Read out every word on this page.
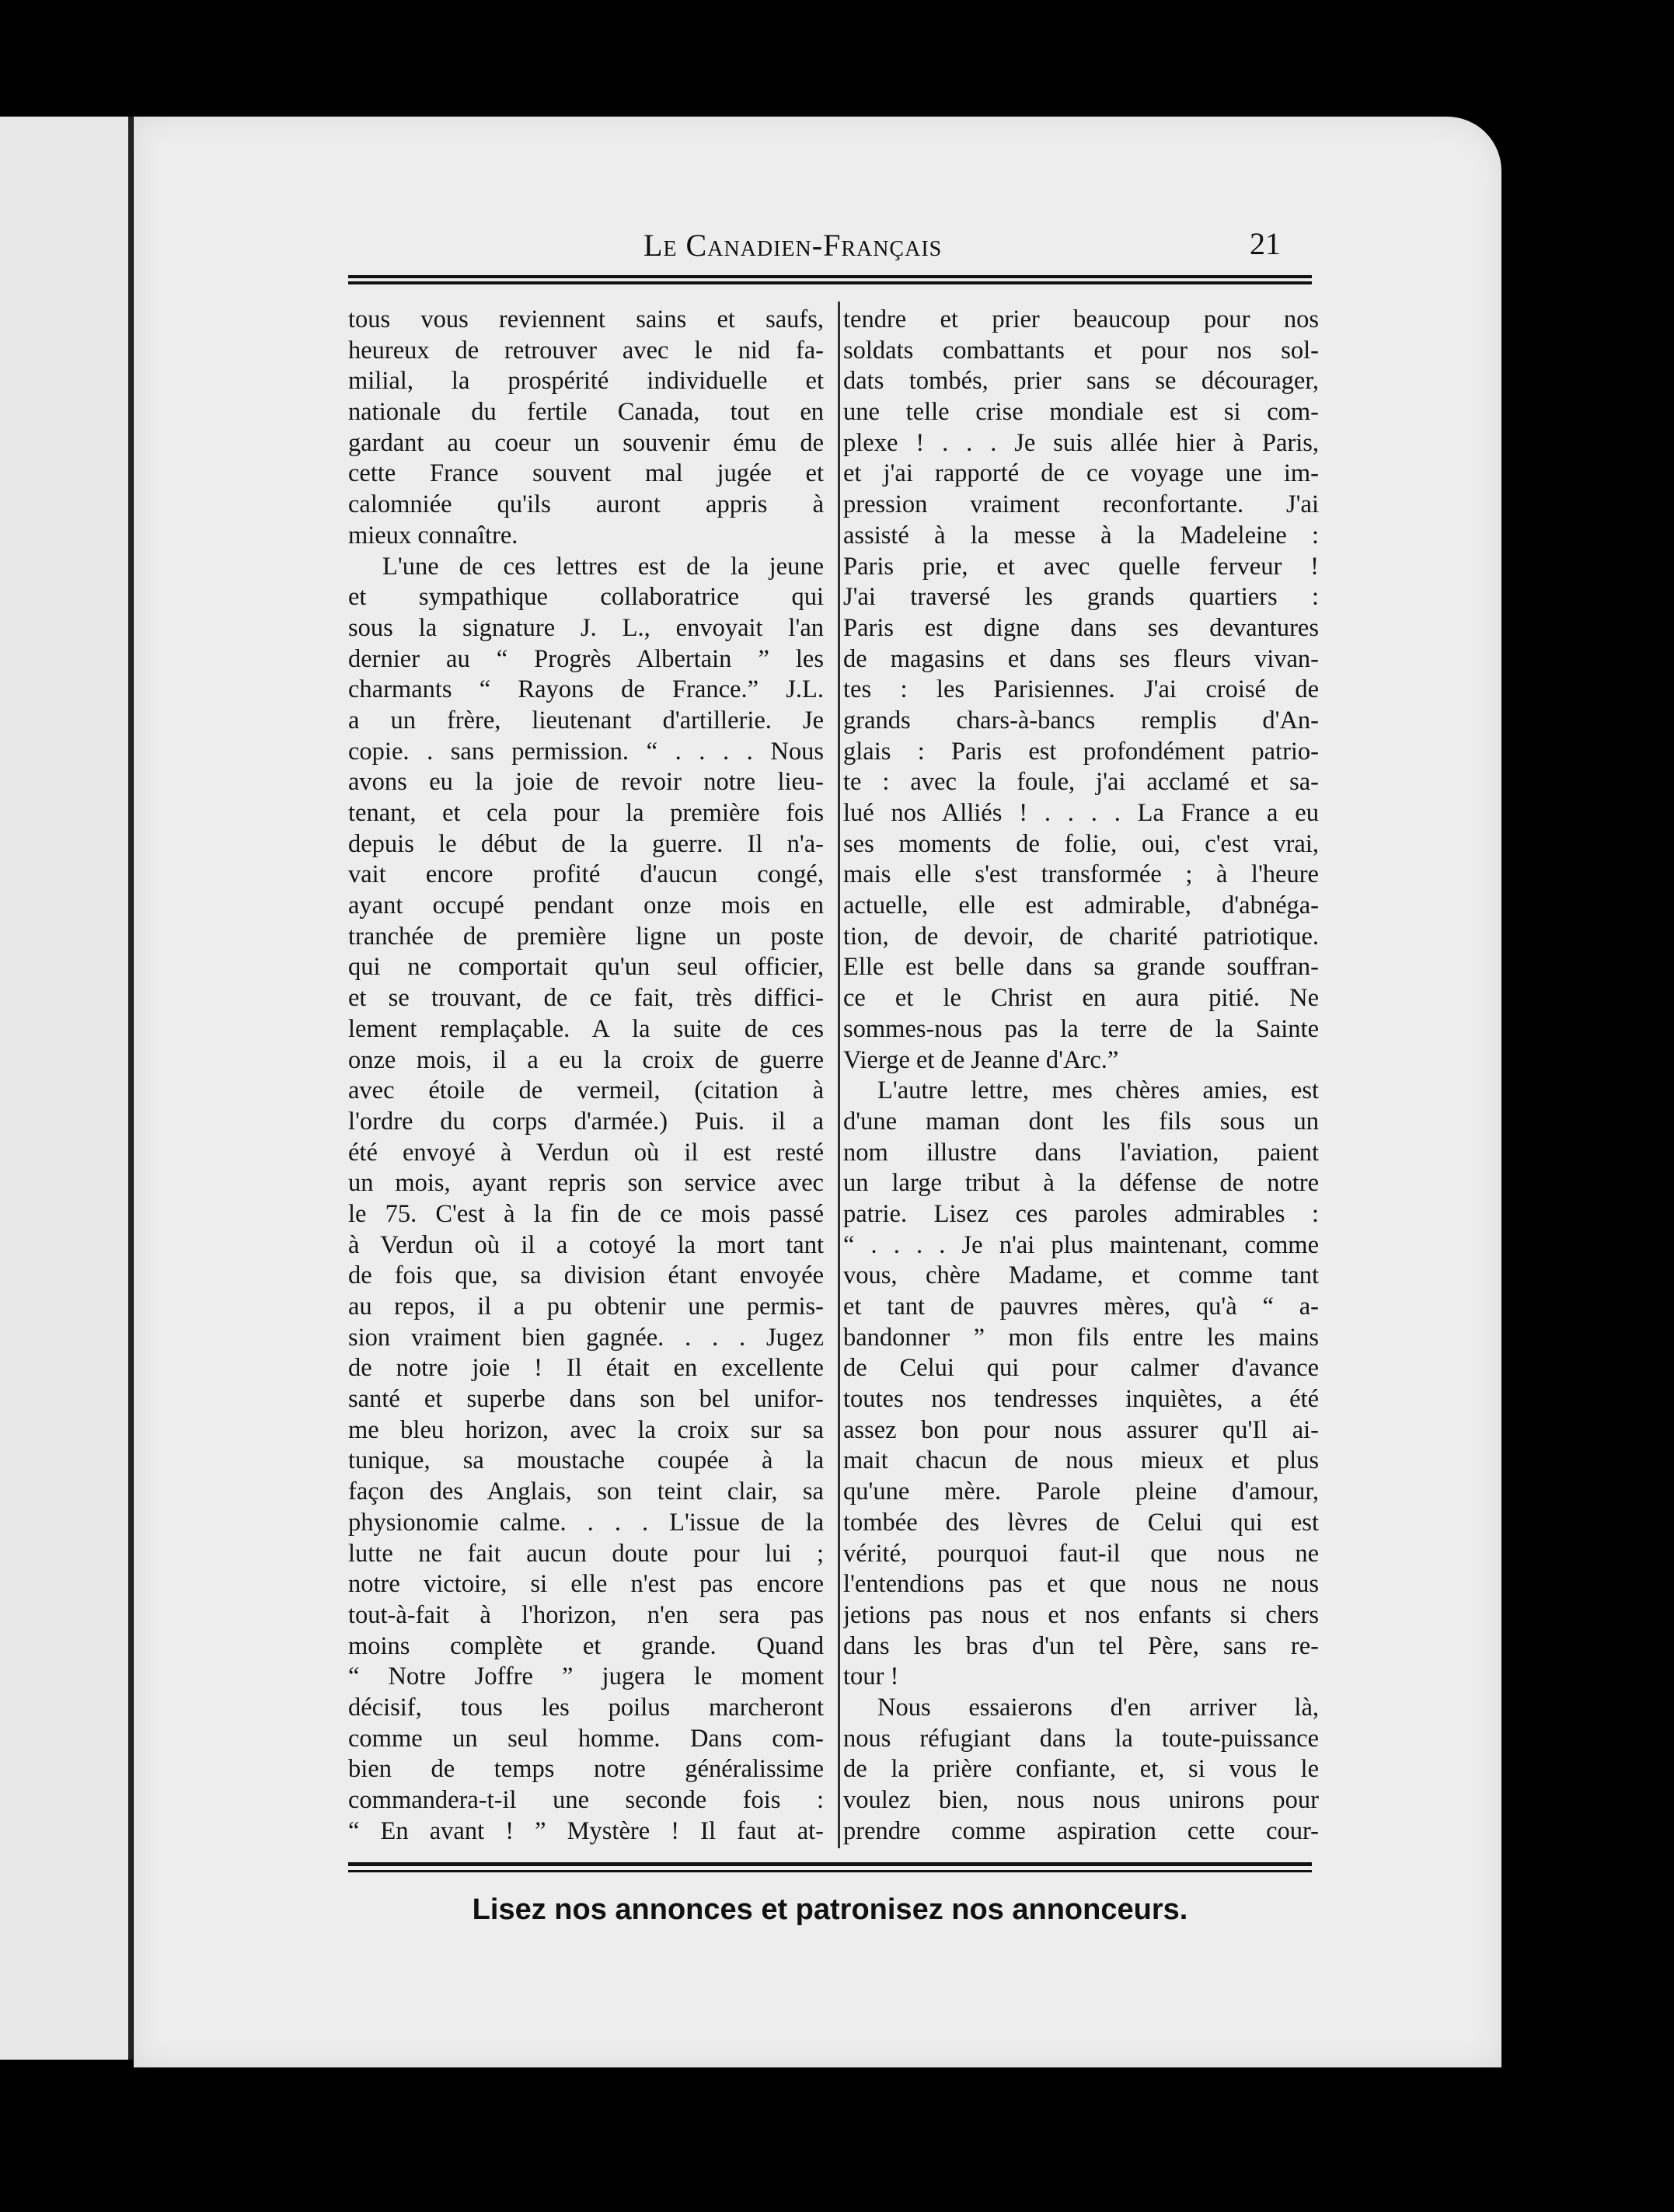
Le Canadien-Français	21
tous vous reviennent sains et saufs,
heureux de retrouver avec le nid fa-
milial, la prospérité individuelle et
nationale du fertile Canada, tout en
gardant au coeur un souvenir ému de
cette France souvent mal jugée et
calomniée qu'ils auront appris à
mieux connaître.
L'une de ces lettres est de la jeune
et sympathique collaboratrice qui
sous la signature J. L., envoyait l'an
dernier au “ Progrès Albertain ” les
charmants “ Rayons de France.” J.L.
a un frère, lieutenant d'artillerie. Je
copie. . sans permission. “ . . . . Nous
avons eu la joie de revoir notre lieu-
tenant, et cela pour la première fois
depuis le début de la guerre. Il n'a-
vait encore profité d'aucun congé,
ayant occupé pendant onze mois en
tranchée de première ligne un poste
qui ne comportait qu'un seul officier,
et se trouvant, de ce fait, très diffici-
lement remplaçable. A la suite de ces
onze mois, il a eu la croix de guerre
avec étoile de vermeil, (citation à
l'ordre du corps d'armée.) Puis. il a
été envoyé à Verdun où il est resté
un mois, ayant repris son service avec
le 75. C'est à la fin de ce mois passé
à Verdun où il a cotoyé la mort tant
de fois que, sa division étant envoyée
au repos, il a pu obtenir une permis-
sion vraiment bien gagnée. . . . Jugez
de notre joie ! Il était en excellente
santé et superbe dans son bel unifor-
me bleu horizon, avec la croix sur sa
tunique, sa moustache coupée à la
façon des Anglais, son teint clair, sa
physionomie calme. . . . L'issue de la
lutte ne fait aucun doute pour lui ;
notre victoire, si elle n'est pas encore
tout-à-fait à l'horizon, n'en sera pas
moins complète et grande. Quand
“ Notre Joffre ” jugera le moment
décisif, tous les poilus marcheront
comme un seul homme. Dans com-
bien de temps notre généralissime
commandera-t-il une seconde fois :
“ En avant ! ” Mystère ! Il faut at-
tendre et prier beaucoup pour nos
soldats combattants et pour nos sol-
dats tombés, prier sans se décourager,
une telle crise mondiale est si com-
plexe ! . . . Je suis allée hier à Paris,
et j'ai rapporté de ce voyage une im-
pression vraiment reconfortante. J'ai
assisté à la messe à la Madeleine :
Paris prie, et avec quelle ferveur !
J'ai traversé les grands quartiers :
Paris est digne dans ses devantures
de magasins et dans ses fleurs vivan-
tes : les Parisiennes. J'ai croisé de
grands chars-à-bancs remplis d'An-
glais : Paris est profondément patrio-
te : avec la foule, j'ai acclamé et sa-
lué nos Alliés ! . . . . La France a eu
ses moments de folie, oui, c'est vrai,
mais elle s'est transformée ; à l'heure
actuelle, elle est admirable, d'abnéga-
tion, de devoir, de charité patriotique.
Elle est belle dans sa grande souffran-
ce et le Christ en aura pitié. Ne
sommes-nous pas la terre de la Sainte
Vierge et de Jeanne d'Arc.”
L'autre lettre, mes chères amies, est
d'une maman dont les fils sous un
nom illustre dans l'aviation, paient
un large tribut à la défense de notre
patrie. Lisez ces paroles admirables :
“ . . . . Je n'ai plus maintenant, comme
vous, chère Madame, et comme tant
et tant de pauvres mères, qu'à “ a-
bandonner ” mon fils entre les mains
de Celui qui pour calmer d'avance
toutes nos tendresses inquiètes, a été
assez bon pour nous assurer qu'Il ai-
mait chacun de nous mieux et plus
qu'une mère. Parole pleine d'amour,
tombée des lèvres de Celui qui est
vérité, pourquoi faut-il que nous ne
l'entendions pas et que nous ne nous
jetions pas nous et nos enfants si chers
dans les bras d'un tel Père, sans re-
tour !
Nous essaierons d'en arriver là,
nous réfugiant dans la toute-puissance
de la prière confiante, et, si vous le
voulez bien, nous nous unirons pour
prendre comme aspiration cette cour-
Lisez nos annonces et patronisez nos annonceurs.
